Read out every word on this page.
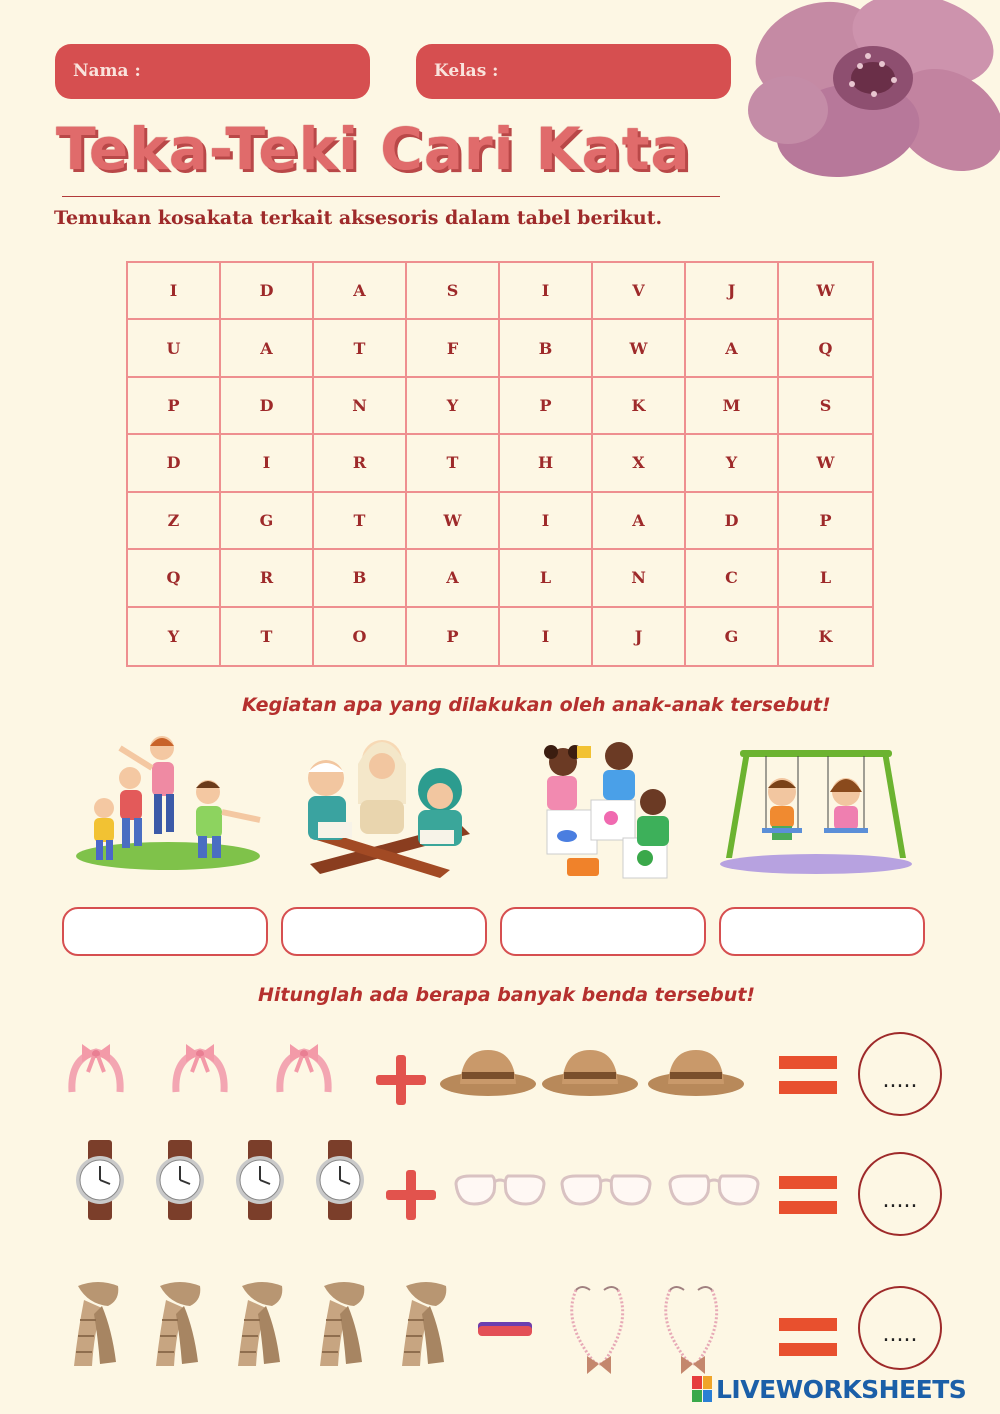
Nama :	Kelas :
Teka-Teki Cari Kata
Temukan kosakata terkait aksesoris dalam tabel berikut.
I	D	A	S	I	V	J	W
U	A	T	F	B	W	A	Q
P	D	N	Y	P	K	M	S
D	I	R	T	H	X	Y	W
Z	G	T	W	I	A	D	P
Q	R	B	A	L	N	C	L
Y	T	O	P	I	J	G	K
Kegiatan apa yang dilakukan oleh anak-anak tersebut!
Hitunglah ada berapa banyak benda tersebut!
.....
.....
.....
LIVEWORKSHEETS
